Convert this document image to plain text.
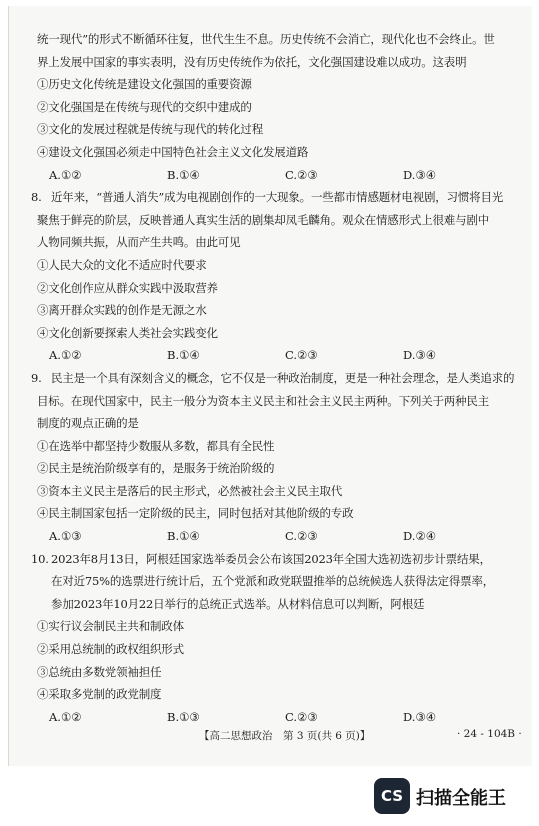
统一现代”的形式不断循环往复，世代生生不息。历史传统不会消亡，现代化也不会终止。世
界上发展中国家的事实表明，没有历史传统作为依托，文化强国建设难以成功。这表明
①历史文化传统是建设文化强国的重要资源
②文化强国是在传统与现代的交织中建成的
③文化的发展过程就是传统与现代的转化过程
④建设文化强国必须走中国特色社会主义文化发展道路
A.①②	B.①④	C.②③	D.③④
8. 近年来，“普通人消失”成为电视剧创作的一大现象。一些都市情感题材电视剧，习惯将目光
聚焦于鲜亮的阶层，反映普通人真实生活的剧集却凤毛麟角。观众在情感形式上很难与剧中
人物同频共振，从而产生共鸣。由此可见
①人民大众的文化不适应时代要求
②文化创作应从群众实践中汲取营养
③离开群众实践的创作是无源之水
④文化创新要探索人类社会实践变化
A.①②	B.①④	C.②③	D.③④
9. 民主是一个具有深刻含义的概念，它不仅是一种政治制度，更是一种社会理念，是人类追求的
目标。在现代国家中，民主一般分为资本主义民主和社会主义民主两种。下列关于两种民主
制度的观点正确的是
①在选举中都坚持少数服从多数，都具有全民性
②民主是统治阶级享有的，是服务于统治阶级的
③资本主义民主是落后的民主形式，必然被社会主义民主取代
④民主制国家包括一定阶级的民主，同时包括对其他阶级的专政
A.①③	B.①④	C.②③	D.②④
10. 2023年8月13日，阿根廷国家选举委员会公布该国2023年全国大选初选初步计票结果，
在对近75%的选票进行统计后，五个党派和政党联盟推举的总统候选人获得法定得票率，
参加2023年10月22日举行的总统正式选举。从材料信息可以判断，阿根廷
①实行议会制民主共和制政体
②采用总统制的政权组织形式
③总统由多数党领袖担任
④采取多党制的政党制度
A.①②	B.①③	C.②③	D.③④
【高二思想政治　第 3 页(共 6 页)】	· 24 - 104B ·
CS 扫描全能王
